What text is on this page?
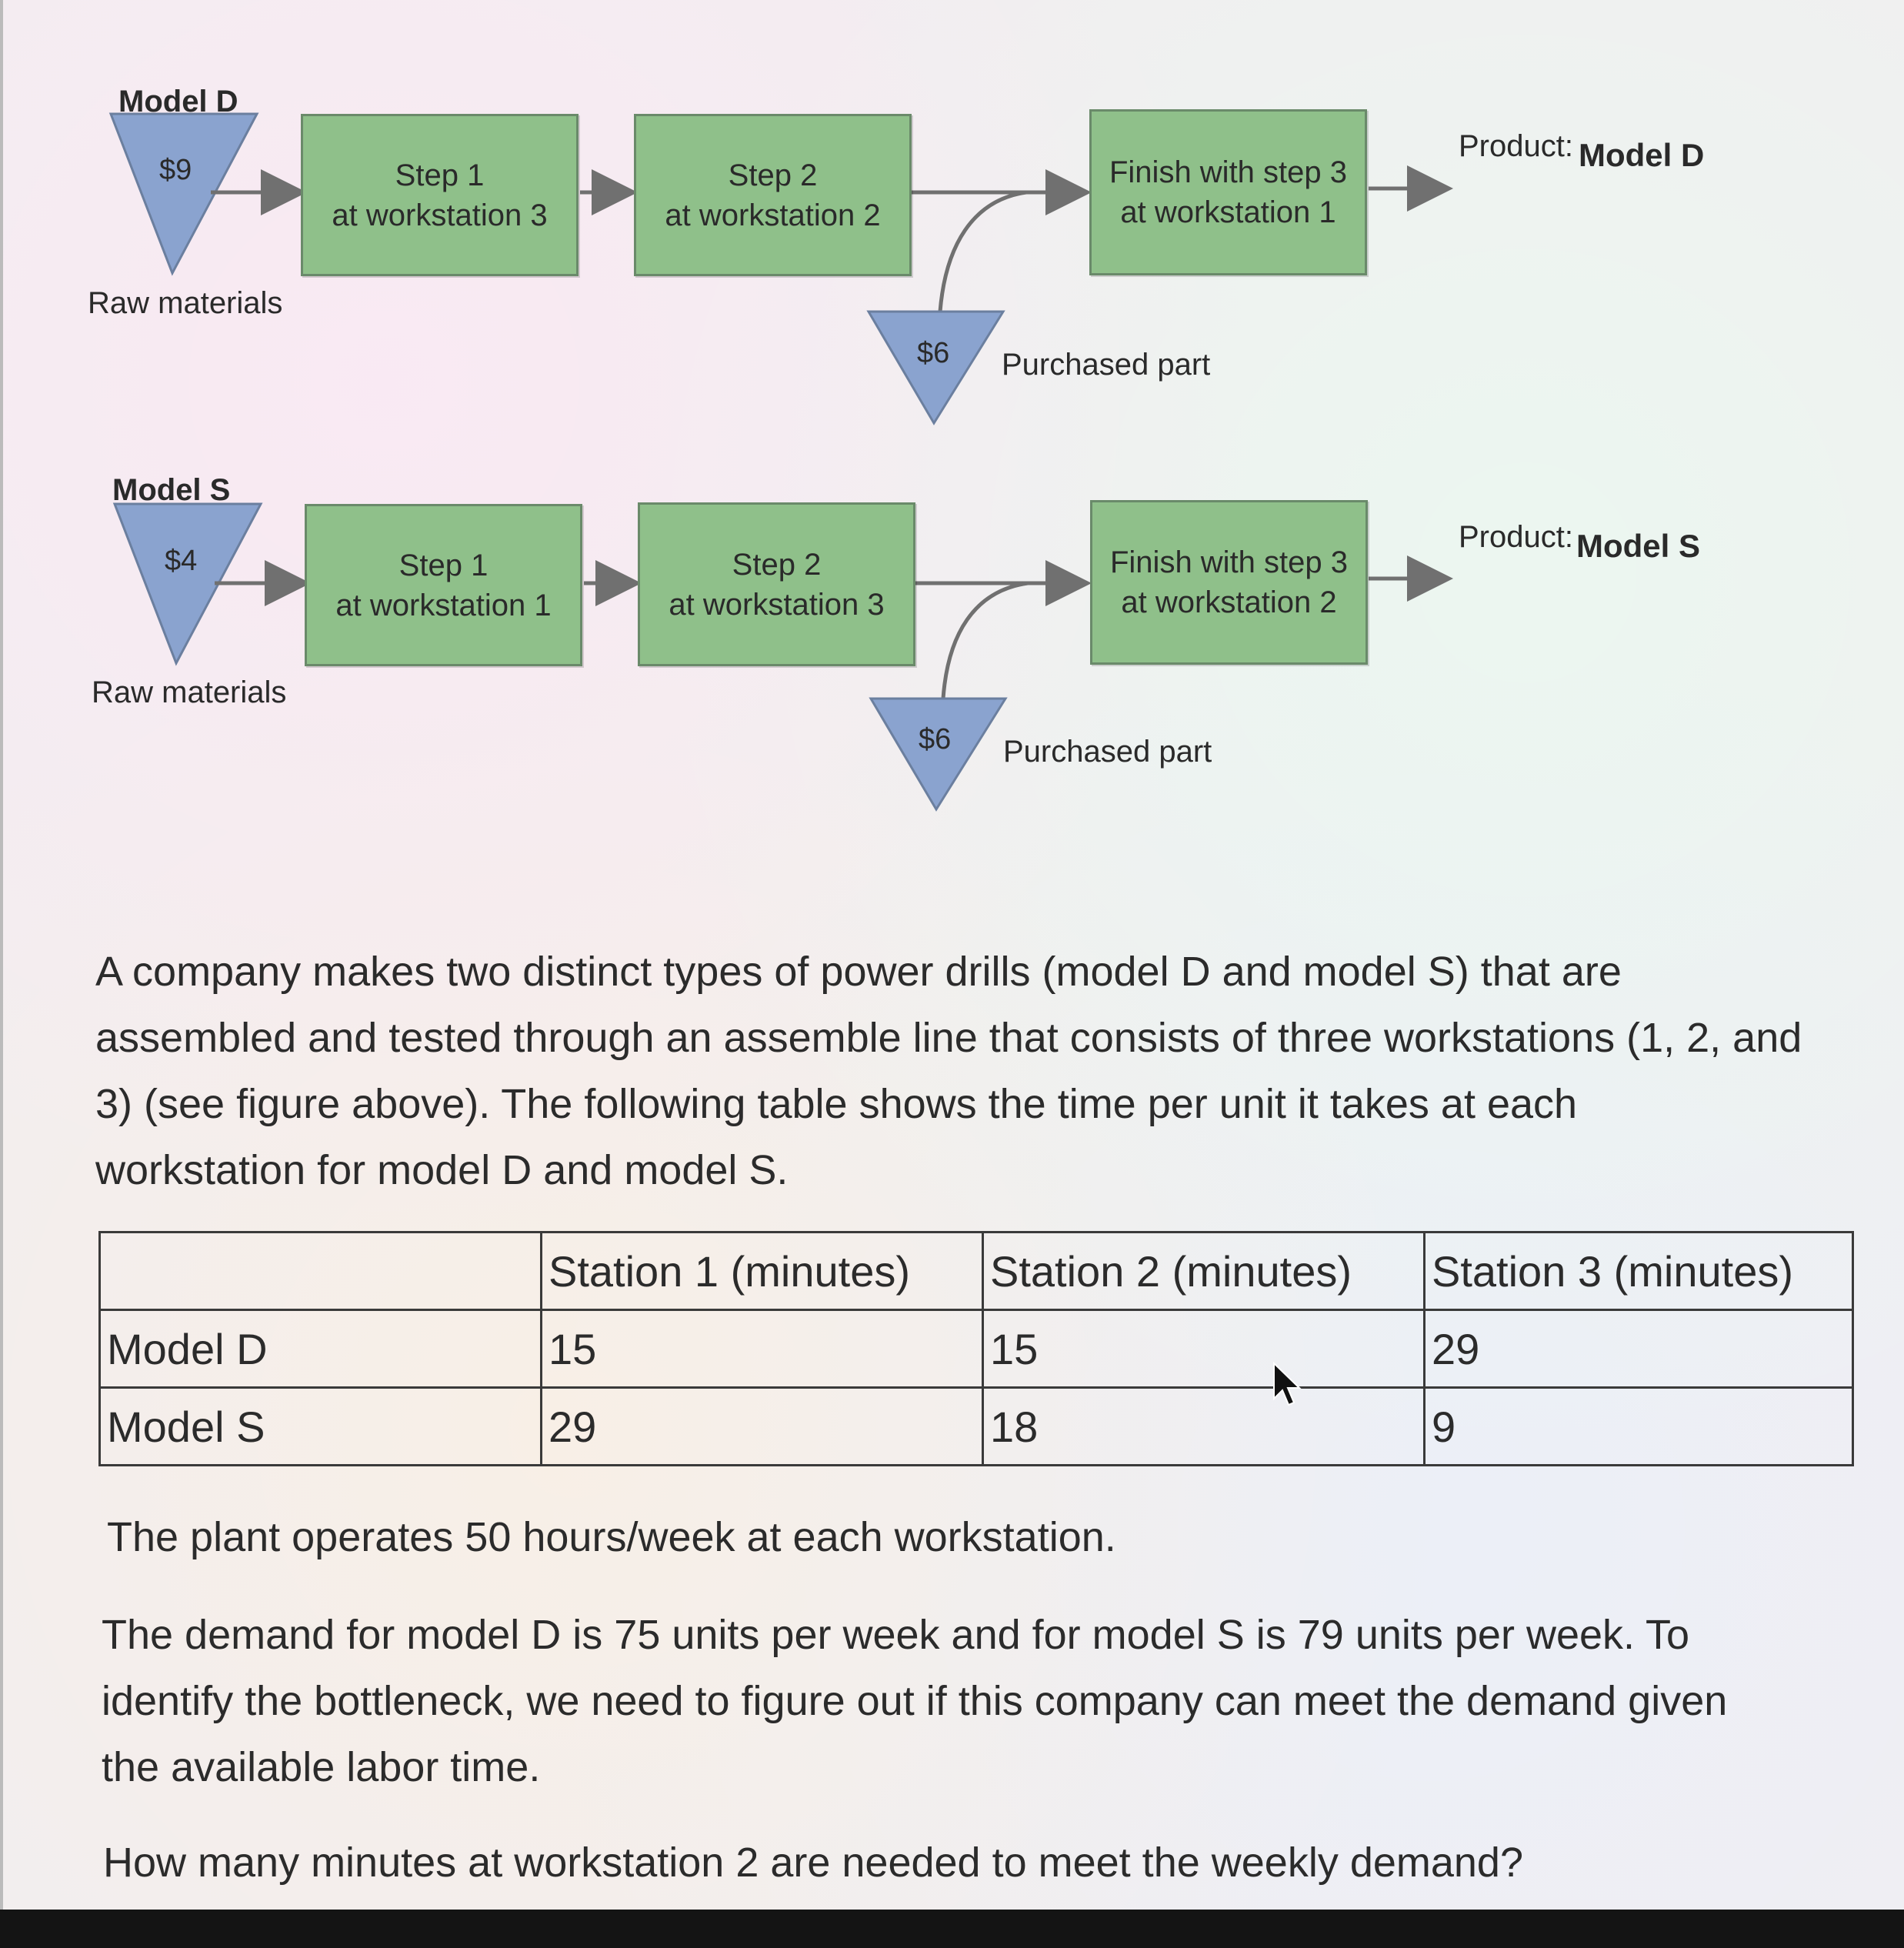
Model D
$9
Raw materials
Step 1
at workstation 3
Step 2
at workstation 2
Finish with step 3
at workstation 1
$6 Purchased part
Product: Model D
Model S
$4
Raw materials
Step 1
at workstation 1
Step 2
at workstation 3
Finish with step 3
at workstation 2
$6 Purchased part
Product: Model S
A company makes two distinct types of power drills (model D and model S) that are
assembled and tested through an assemble line that consists of three workstations (1, 2, and
3) (see figure above). The following table shows the time per unit it takes at each
workstation for model D and model S.
	Station 1 (minutes)	Station 2 (minutes)	Station 3 (minutes)
Model D	15	15	29
Model S	29	18	9
The plant operates 50 hours/week at each workstation.
The demand for model D is 75 units per week and for model S is 79 units per week. To
identify the bottleneck, we need to figure out if this company can meet the demand given
the available labor time.
How many minutes at workstation 2 are needed to meet the weekly demand?
